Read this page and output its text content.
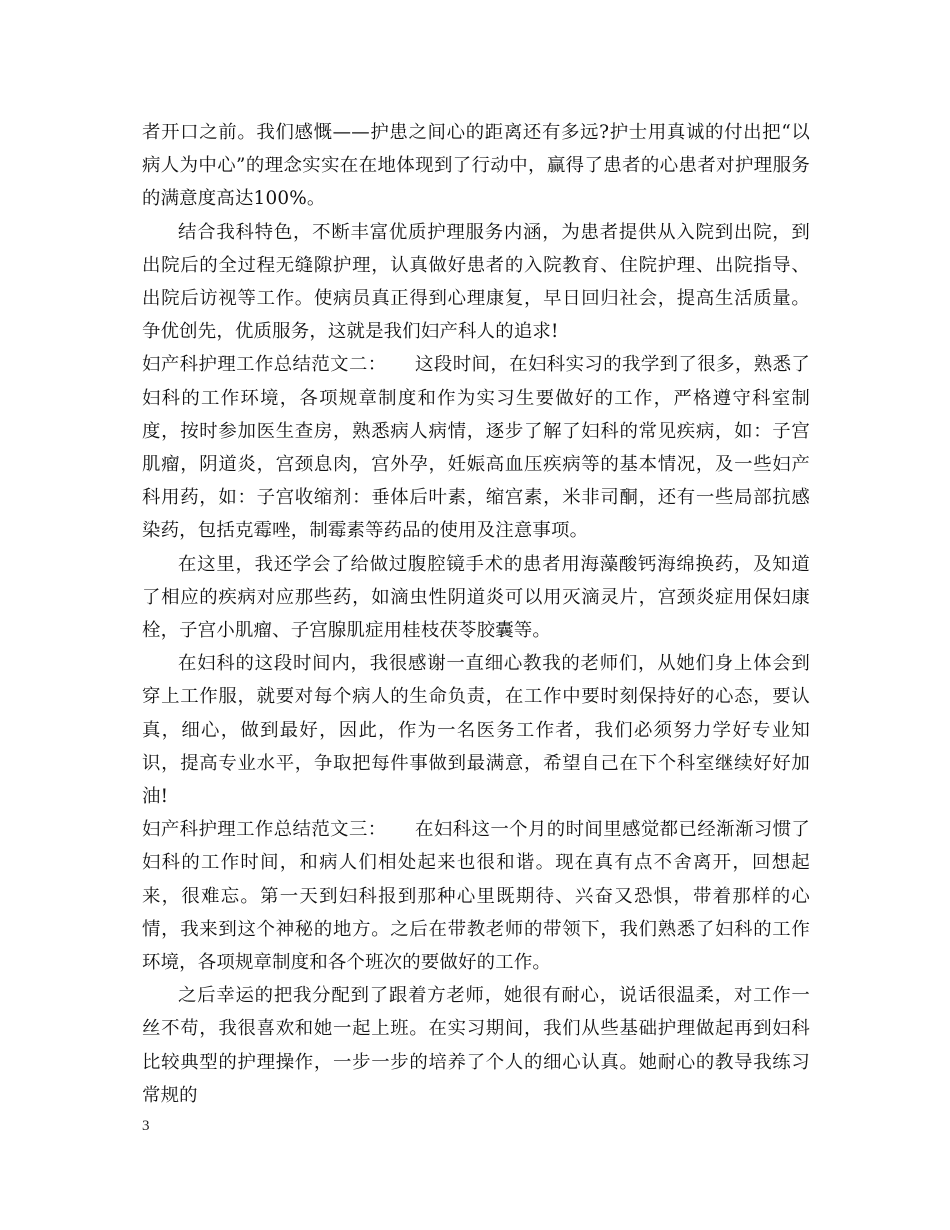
者开口之前。我们感慨——护患之间心的距离还有多远?护士用真诚的付出把“以病人为中心”的理念实实在在地体现到了行动中，赢得了患者的心患者对护理服务的满意度高达100%。

结合我科特色，不断丰富优质护理服务内涵，为患者提供从入院到出院，到出院后的全过程无缝隙护理，认真做好患者的入院教育、住院护理、出院指导、出院后访视等工作。使病员真正得到心理康复，早日回归社会，提高生活质量。争优创先，优质服务，这就是我们妇产科人的追求!

妇产科护理工作总结范文二：　　这段时间，在妇科实习的我学到了很多，熟悉了妇科的工作环境，各项规章制度和作为实习生要做好的工作，严格遵守科室制度，按时参加医生查房，熟悉病人病情，逐步了解了妇科的常见疾病，如：子宫肌瘤，阴道炎，宫颈息肉，宫外孕，妊娠高血压疾病等的基本情况，及一些妇产科用药，如：子宫收缩剂：垂体后叶素，缩宫素，米非司酮，还有一些局部抗感染药，包括克霉唑，制霉素等药品的使用及注意事项。

在这里，我还学会了给做过腹腔镜手术的患者用海藻酸钙海绵换药，及知道了相应的疾病对应那些药，如滴虫性阴道炎可以用灭滴灵片，宫颈炎症用保妇康栓，子宫小肌瘤、子宫腺肌症用桂枝茯苓胶囊等。

在妇科的这段时间内，我很感谢一直细心教我的老师们，从她们身上体会到穿上工作服，就要对每个病人的生命负责，在工作中要时刻保持好的心态，要认真，细心，做到最好，因此，作为一名医务工作者，我们必须努力学好专业知识，提高专业水平，争取把每件事做到最满意，希望自己在下个科室继续好好加油!

妇产科护理工作总结范文三：　　在妇科这一个月的时间里感觉都已经渐渐习惯了妇科的工作时间，和病人们相处起来也很和谐。现在真有点不舍离开，回想起来，很难忘。第一天到妇科报到那种心里既期待、兴奋又恐惧，带着那样的心情，我来到这个神秘的地方。之后在带教老师的带领下，我们熟悉了妇科的工作环境，各项规章制度和各个班次的要做好的工作。

之后幸运的把我分配到了跟着方老师，她很有耐心，说话很温柔，对工作一丝不苟，我很喜欢和她一起上班。在实习期间，我们从些基础护理做起再到妇科比较典型的护理操作，一步一步的培养了个人的细心认真。她耐心的教导我练习常规的

3
